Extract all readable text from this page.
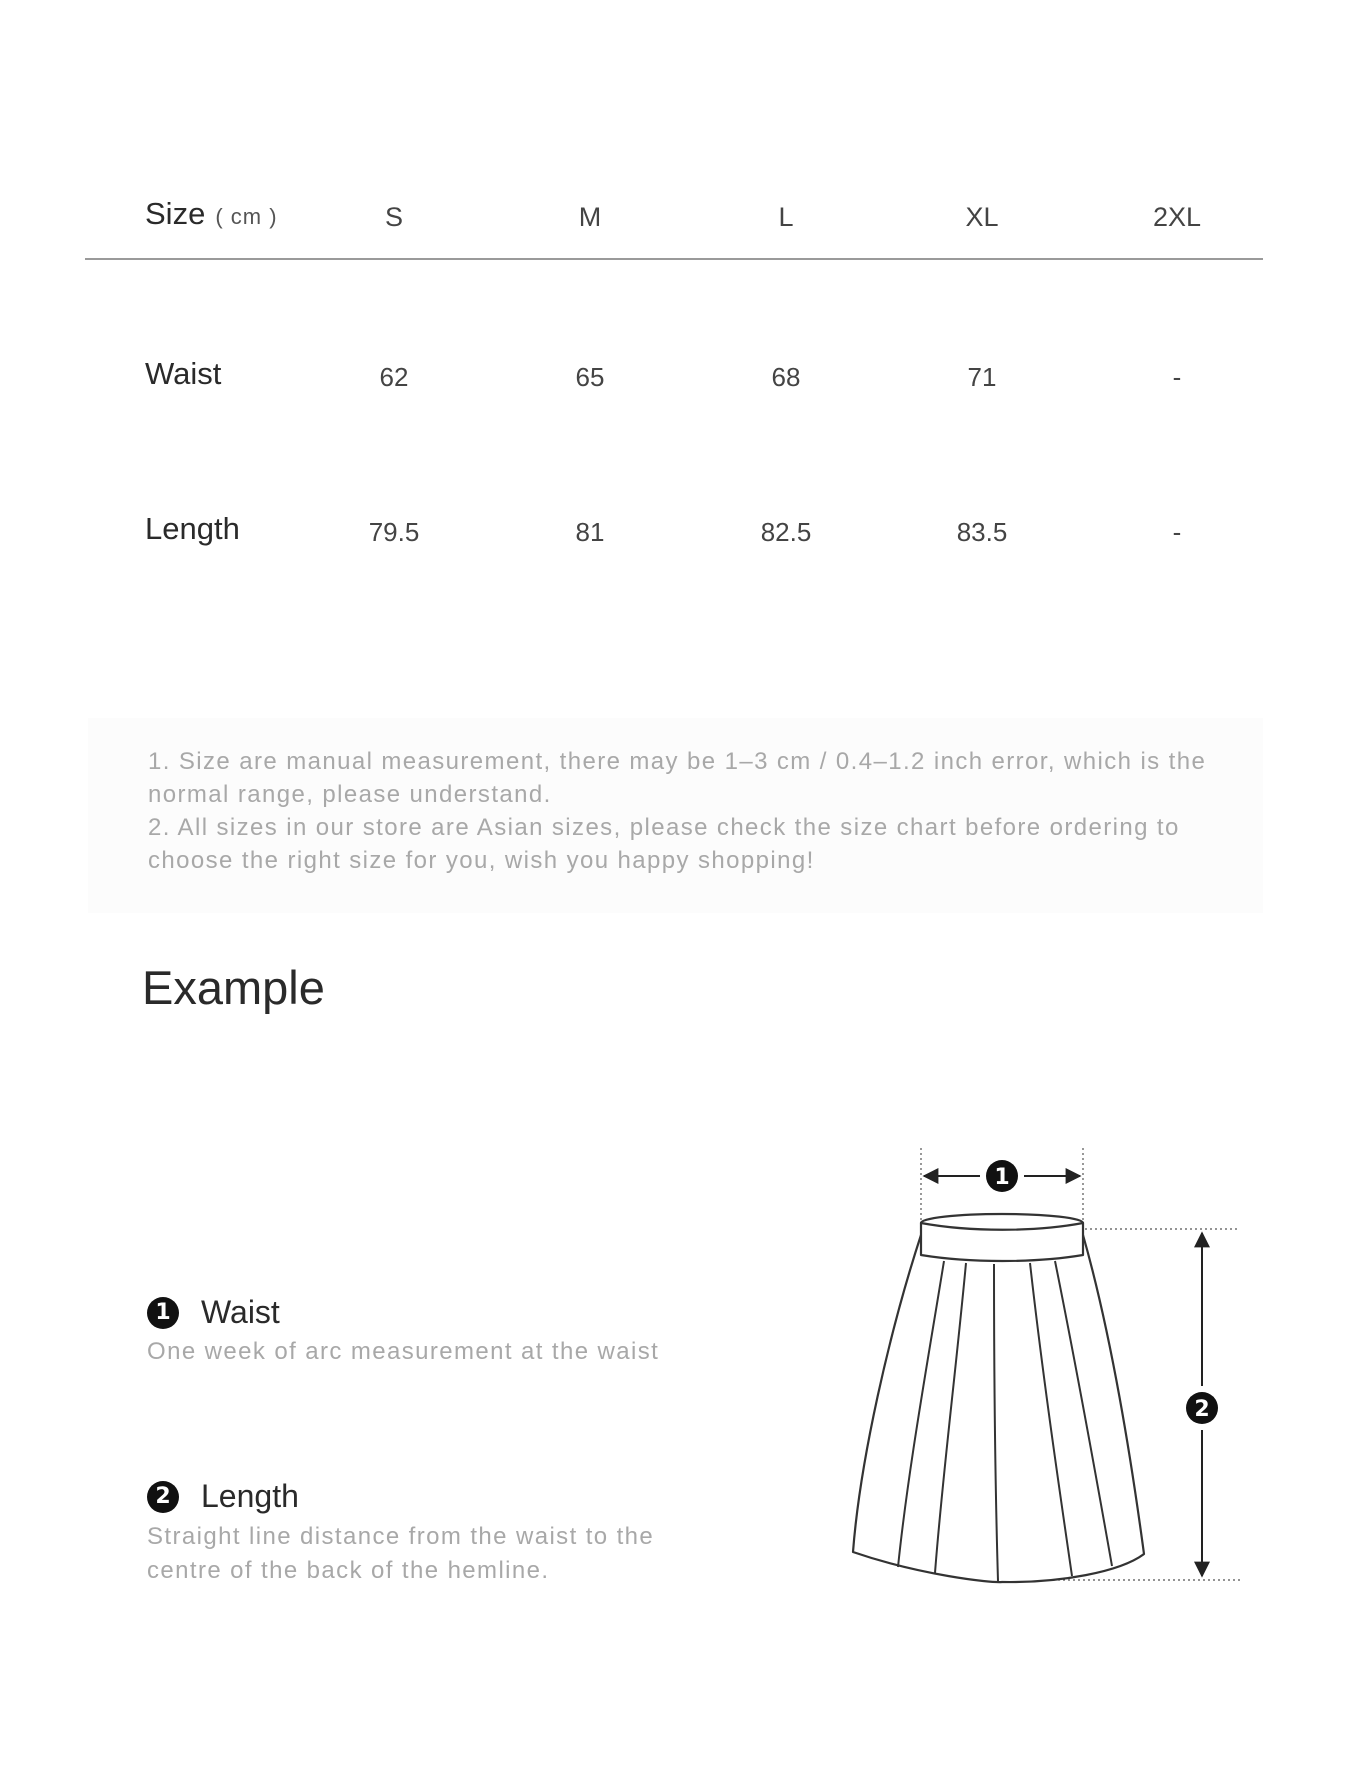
Size ( cm )	S	M	L	XL	2XL
Waist	62	65	68	71	-
Length	79.5	81	82.5	83.5	-
1. Size are manual measurement, there may be 1–3 cm / 0.4–1.2 inch error, which is the normal range, please understand.
2. All sizes in our store are Asian sizes, please check the size chart before ordering to choose the right size for you, wish you happy shopping!
Example
1 Waist
One week of arc measurement at the waist
2 Length
Straight line distance from the waist to the centre of the back of the hemline.
1
2
